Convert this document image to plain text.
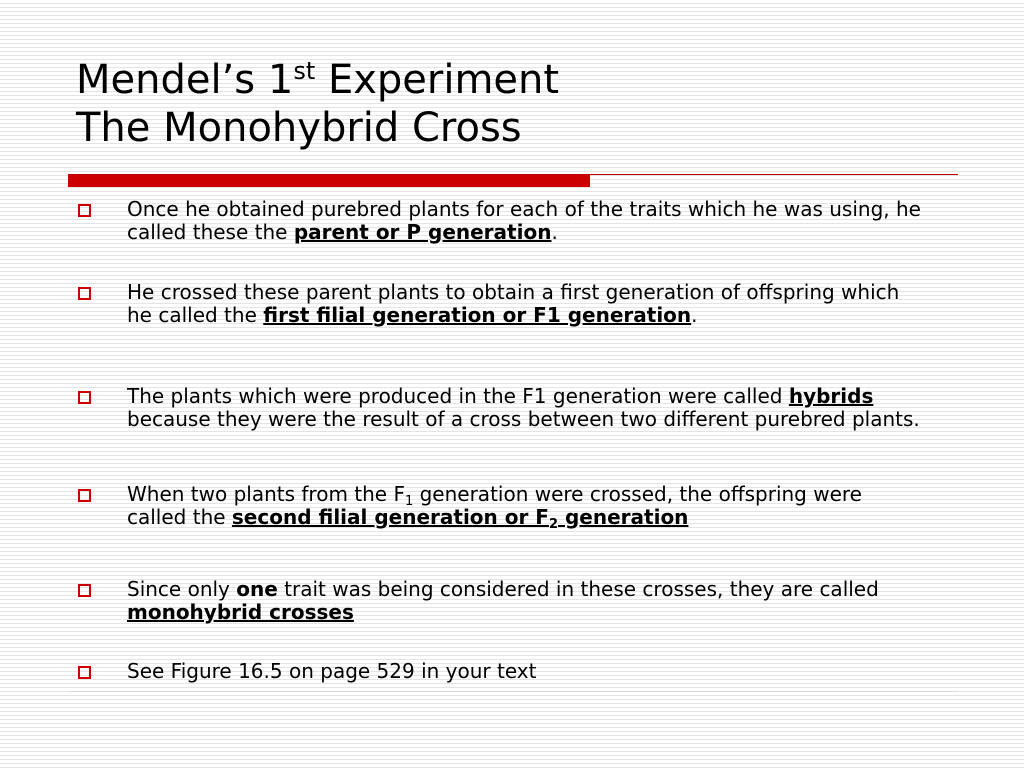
Mendel’s 1st Experiment
The Monohybrid Cross
Once he obtained purebred plants for each of the traits which he was using, he called these the parent or P generation.
He crossed these parent plants to obtain a first generation of offspring which he called the first filial generation or F1 generation.
The plants which were produced in the F1 generation were called hybrids because they were the result of a cross between two different purebred plants.
When two plants from the $F_1$ generation were crossed, the offspring were called the second filial generation or $F_2$ generation
Since only one trait was being considered in these crosses, they are called monohybrid crosses
See Figure 16.5 on page 529 in your text
